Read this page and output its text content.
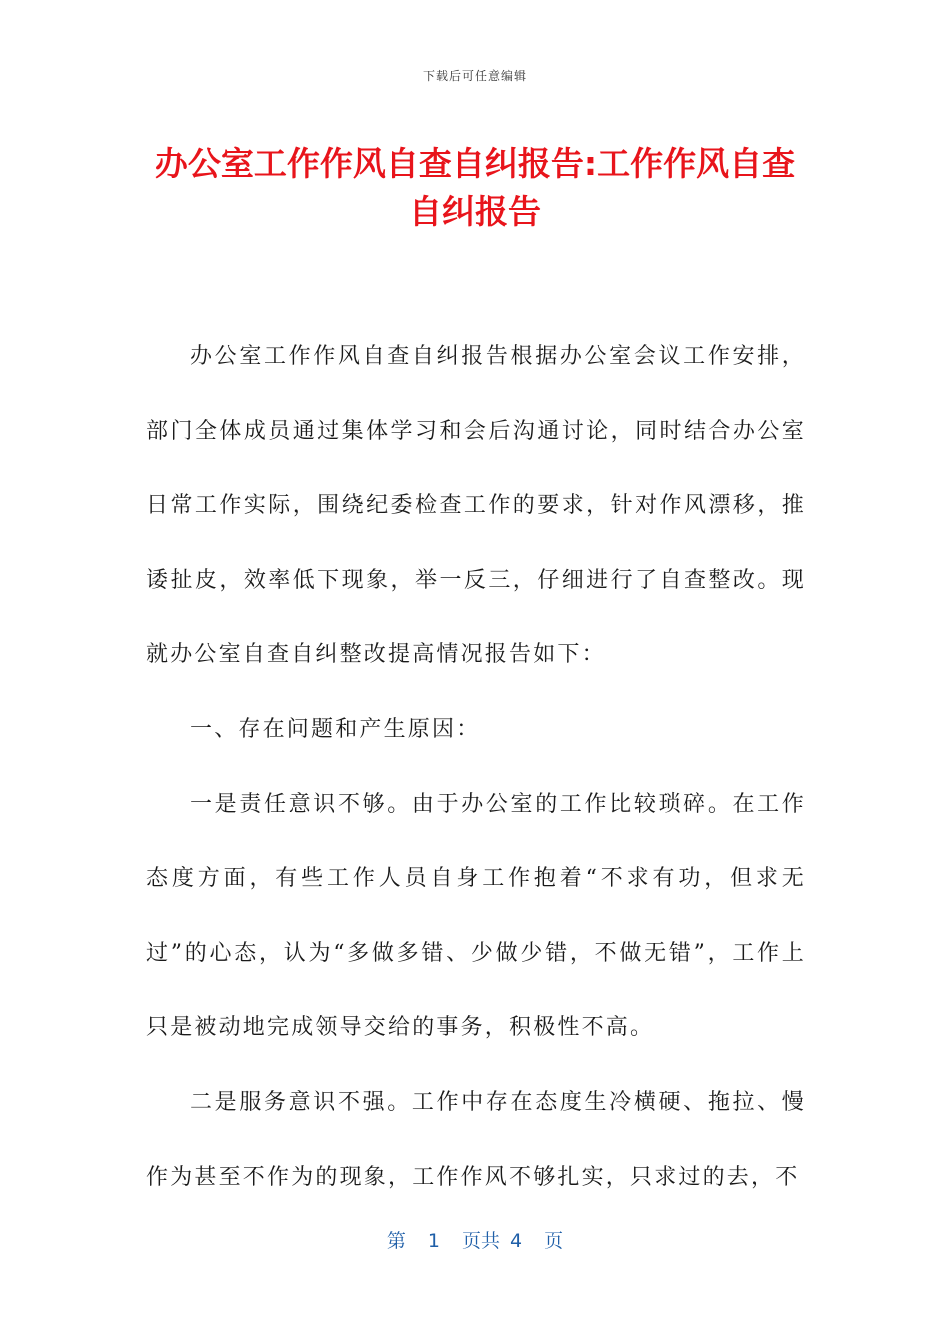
下载后可任意编辑
办公室工作作风自查自纠报告:工作作风自查自纠报告

办公室工作作风自查自纠报告根据办公室会议工作安排，部门全体成员通过集体学习和会后沟通讨论，同时结合办公室日常工作实际，围绕纪委检查工作的要求，针对作风漂移，推诿扯皮，效率低下现象，举一反三，仔细进行了自查整改。现就办公室自查自纠整改提高情况报告如下：

一、存在问题和产生原因：

一是责任意识不够。由于办公室的工作比较琐碎。在工作态度方面，有些工作人员自身工作抱着“不求有功，但求无过”的心态，认为“多做多错、少做少错，不做无错”，工作上只是被动地完成领导交给的事务，积极性不高。

二是服务意识不强。工作中存在态度生冷横硬、拖拉、慢作为甚至不作为的现象，工作作风不够扎实，只求过的去，不

第 1 页共 4 页
